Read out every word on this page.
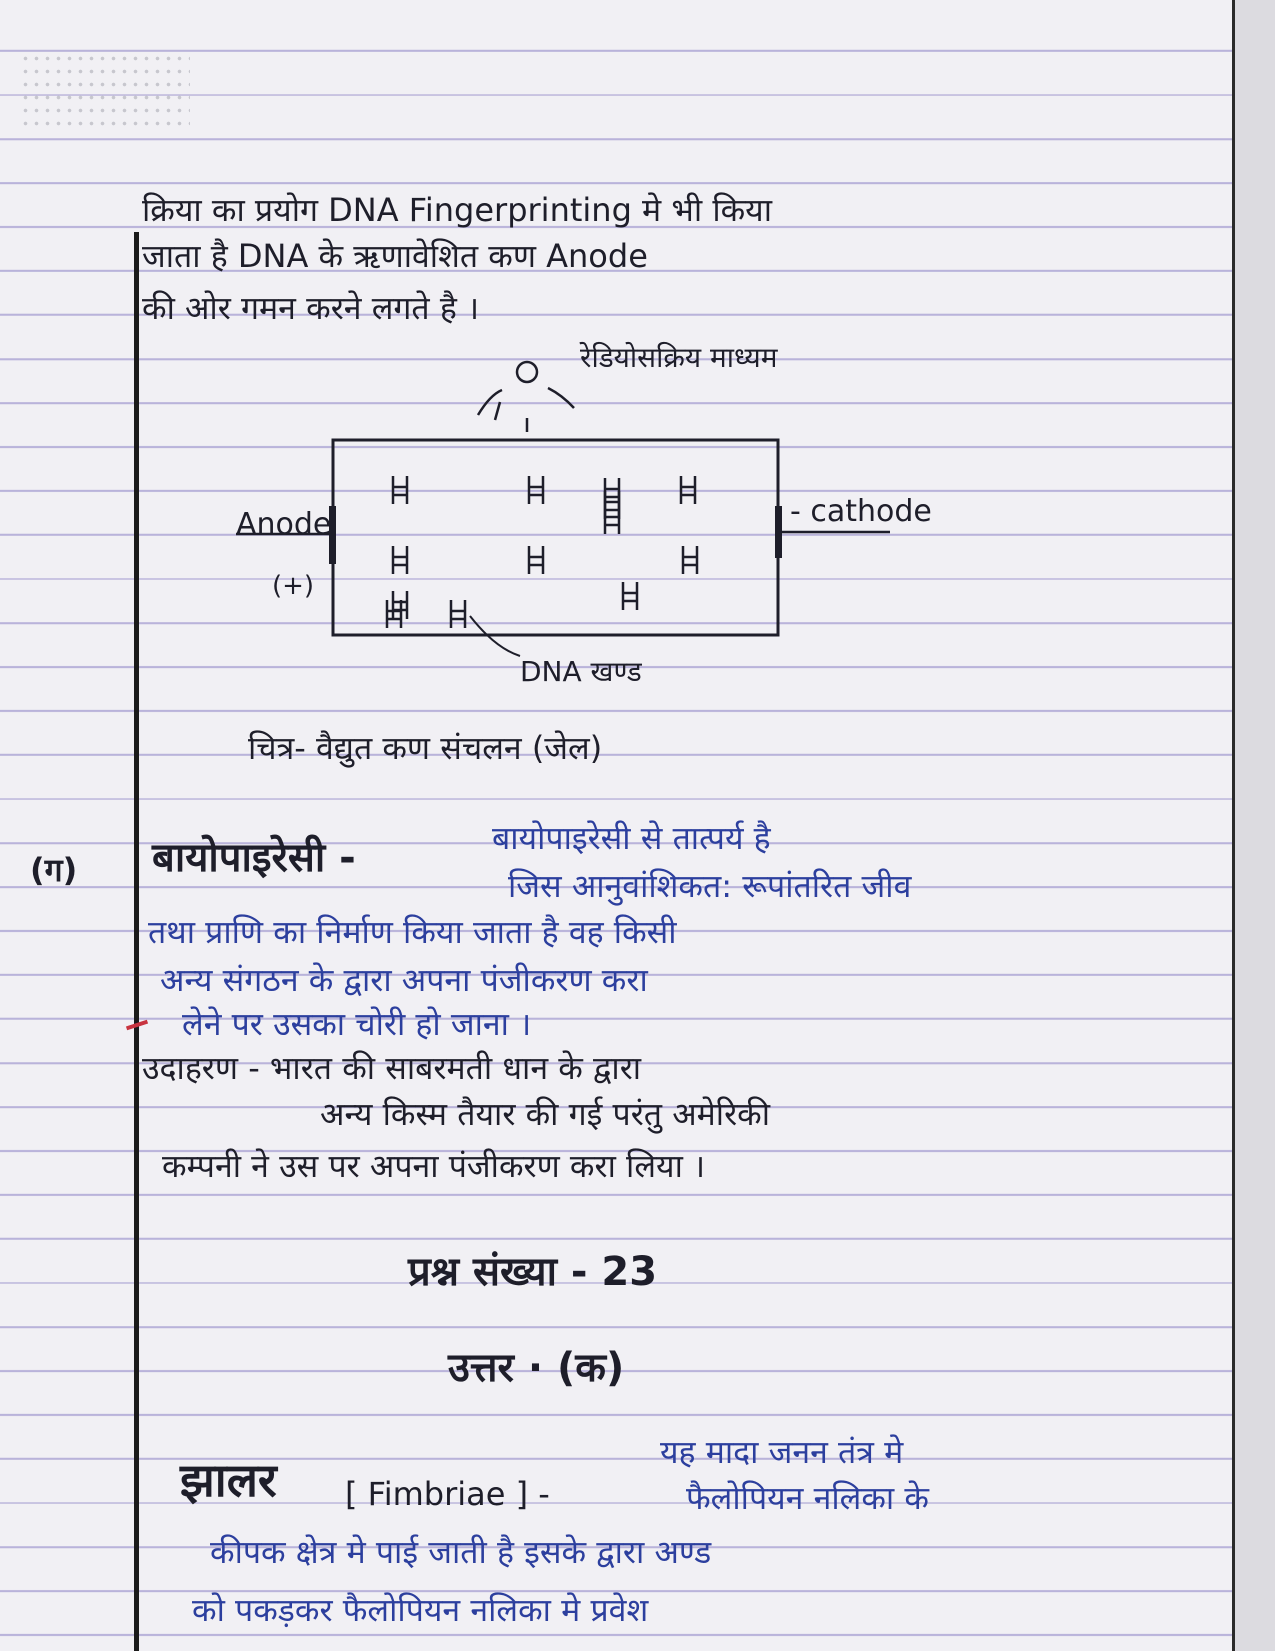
क्रिया का प्रयोग DNA Fingerprinting मे भी किया
जाता है DNA के ऋणावेशित कण Anode
की ओर गमन करने लगते है ।
रेडियोसक्रिय माध्यम
Anode
(+)
- cathode
DNA खण्ड
चित्र- वैद्युत कण संचलन (जेल)
(ग) बायोपाइरेसी -	बायोपाइरेसी से तात्पर्य है
जिस आनुवांशिकत: रूपांतरित जीव
तथा प्राणि का निर्माण किया जाता है वह किसी
अन्य संगठन के द्वारा अपना पंजीकरण करा
लेने पर उसका चोरी हो जाना ।
उदाहरण - भारत की साबरमती धान के द्वारा
अन्य किस्म तैयार की गई परंतु अमेरिकी
कम्पनी ने उस पर अपना पंजीकरण करा लिया ।
प्रश्न संख्या - 23
उत्तर · (क)
झालर [ Fimbriae ] -
यह मादा जनन तंत्र मे
फैलोपियन नलिका के
कीपक क्षेत्र मे पाई जाती है इसके द्वारा अण्ड
को पकड़कर फैलोपियन नलिका मे प्रवेश
